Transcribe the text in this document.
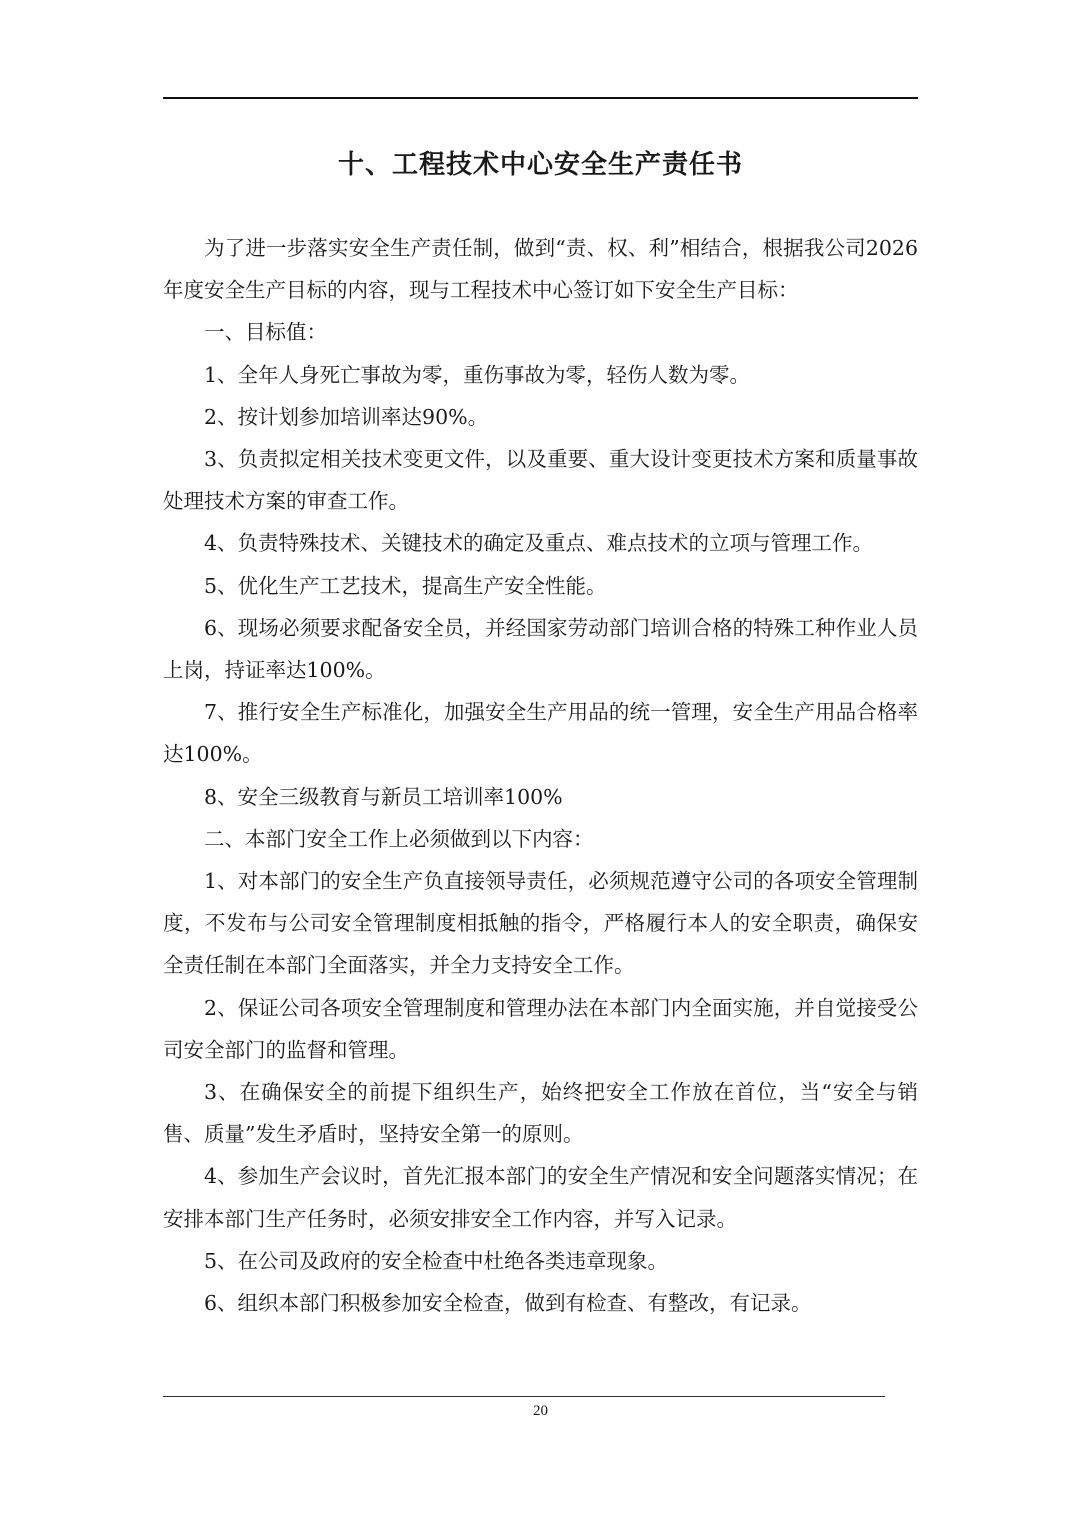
十、工程技术中心安全生产责任书

为了进一步落实安全生产责任制，做到“责、权、利”相结合，根据我公司2026年度安全生产目标的内容，现与工程技术中心签订如下安全生产目标：

一、目标值：

1、全年人身死亡事故为零，重伤事故为零，轻伤人数为零。

2、按计划参加培训率达90%。

3、负责拟定相关技术变更文件，以及重要、重大设计变更技术方案和质量事故处理技术方案的审查工作。

4、负责特殊技术、关键技术的确定及重点、难点技术的立项与管理工作。

5、优化生产工艺技术，提高生产安全性能。

6、现场必须要求配备安全员，并经国家劳动部门培训合格的特殊工种作业人员上岗，持证率达100%。

7、推行安全生产标准化，加强安全生产用品的统一管理，安全生产用品合格率达100%。

8、安全三级教育与新员工培训率100%

二、本部门安全工作上必须做到以下内容：

1、对本部门的安全生产负直接领导责任，必须规范遵守公司的各项安全管理制度，不发布与公司安全管理制度相抵触的指令，严格履行本人的安全职责，确保安全责任制在本部门全面落实，并全力支持安全工作。

2、保证公司各项安全管理制度和管理办法在本部门内全面实施，并自觉接受公司安全部门的监督和管理。

3、在确保安全的前提下组织生产，始终把安全工作放在首位，当“安全与销售、质量”发生矛盾时，坚持安全第一的原则。

4、参加生产会议时，首先汇报本部门的安全生产情况和安全问题落实情况；在安排本部门生产任务时，必须安排安全工作内容，并写入记录。

5、在公司及政府的安全检查中杜绝各类违章现象。

6、组织本部门积极参加安全检查，做到有检查、有整改，有记录。

20
